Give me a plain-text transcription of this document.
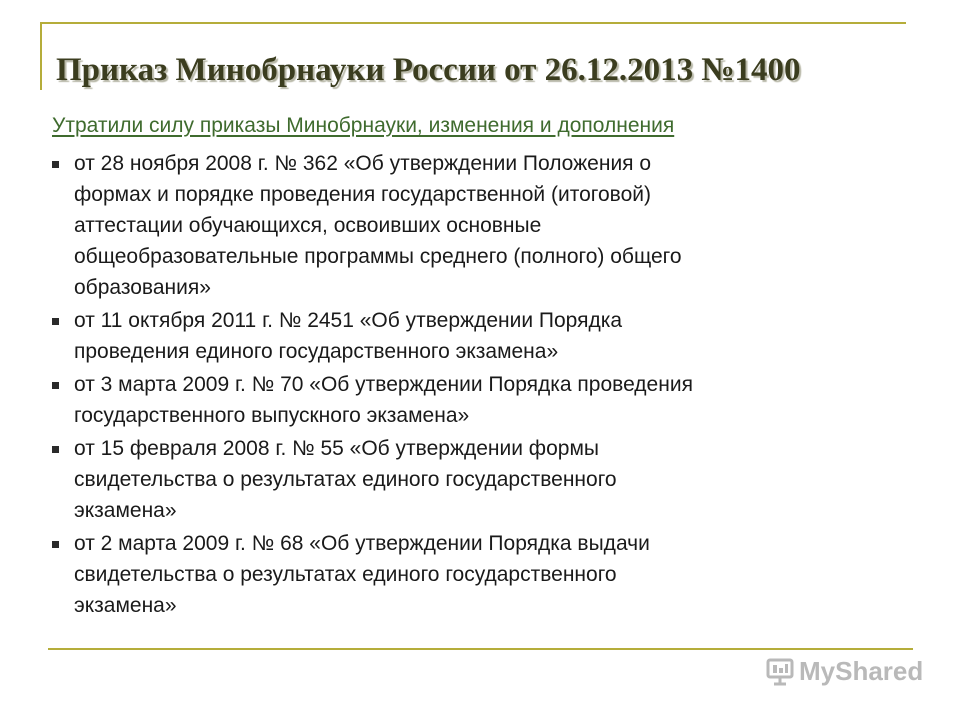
Приказ Минобрнауки России от 26.12.2013 №1400
Утратили силу приказы Минобрнауки, изменения и дополнения
от 28 ноября 2008 г. № 362 «Об утверждении Положения о
формах и порядке проведения государственной (итоговой)
аттестации обучающихся, освоивших основные
общеобразовательные программы среднего (полного) общего
образования»
от 11 октября 2011 г. № 2451 «Об утверждении Порядка
проведения единого государственного экзамена»
от 3 марта 2009 г. № 70 «Об утверждении Порядка проведения
государственного выпускного экзамена»
от 15 февраля 2008 г. № 55 «Об утверждении формы
свидетельства о результатах единого государственного
экзамена»
от 2 марта 2009 г. № 68 «Об утверждении Порядка выдачи
свидетельства о результатах единого государственного
экзамена»
MyShared
